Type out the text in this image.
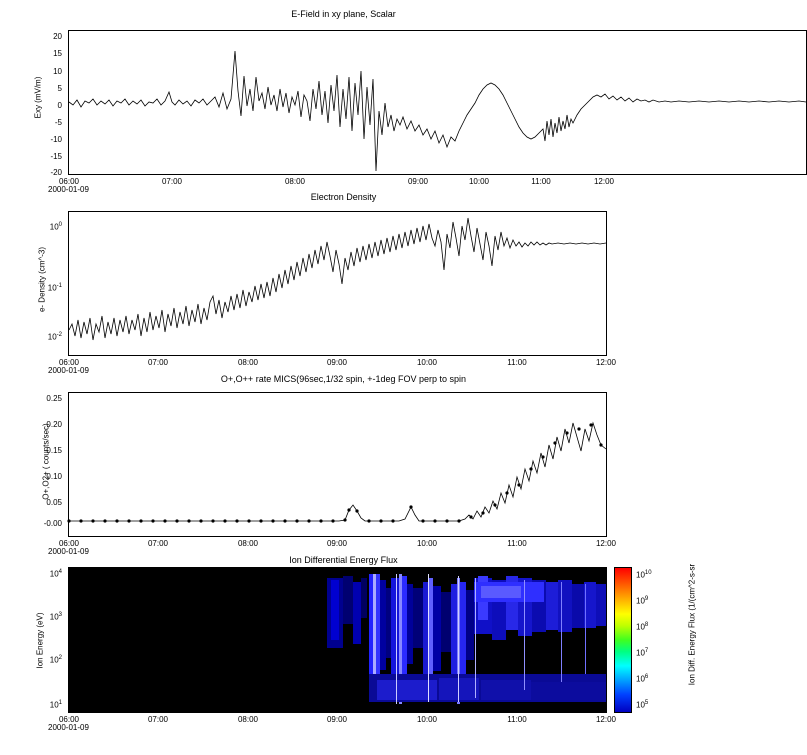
E-Field in xy plane, Scalar
Exy (mV/m)
20
15
10
5
0
-5
-10
-15
-20
06:00	07:00	08:00	09:00	10:00	11:00	12:00
2000-01-09
Electron Density
e- Density (cm^-3)
$10^0$
$10^{-1}$
$10^{-2}$
06:00	07:00	08:00	09:00	10:00	11:00	12:00
2000-01-09
O+,O++ rate MICS(96sec,1/32 spin, +-1deg FOV perp to spin
O+,O2+ ( counts/sec)
0.25
0.20
0.15
0.10
0.05
-0.00
06:00	07:00	08:00	09:00	10:00	11:00	12:00
2000-01-09
Ion Differential Energy Flux
Ion Energy (eV)
$10^4$
$10^3$
$10^2$
$10^1$
06:00	07:00	08:00	09:00	10:00	11:00	12:00
2000-01-09
Ion Diff. Energy Flux (1/(cm^2-s-sr
$10^{10}$
$10^9$
$10^8$
$10^7$
$10^6$
$10^5$
